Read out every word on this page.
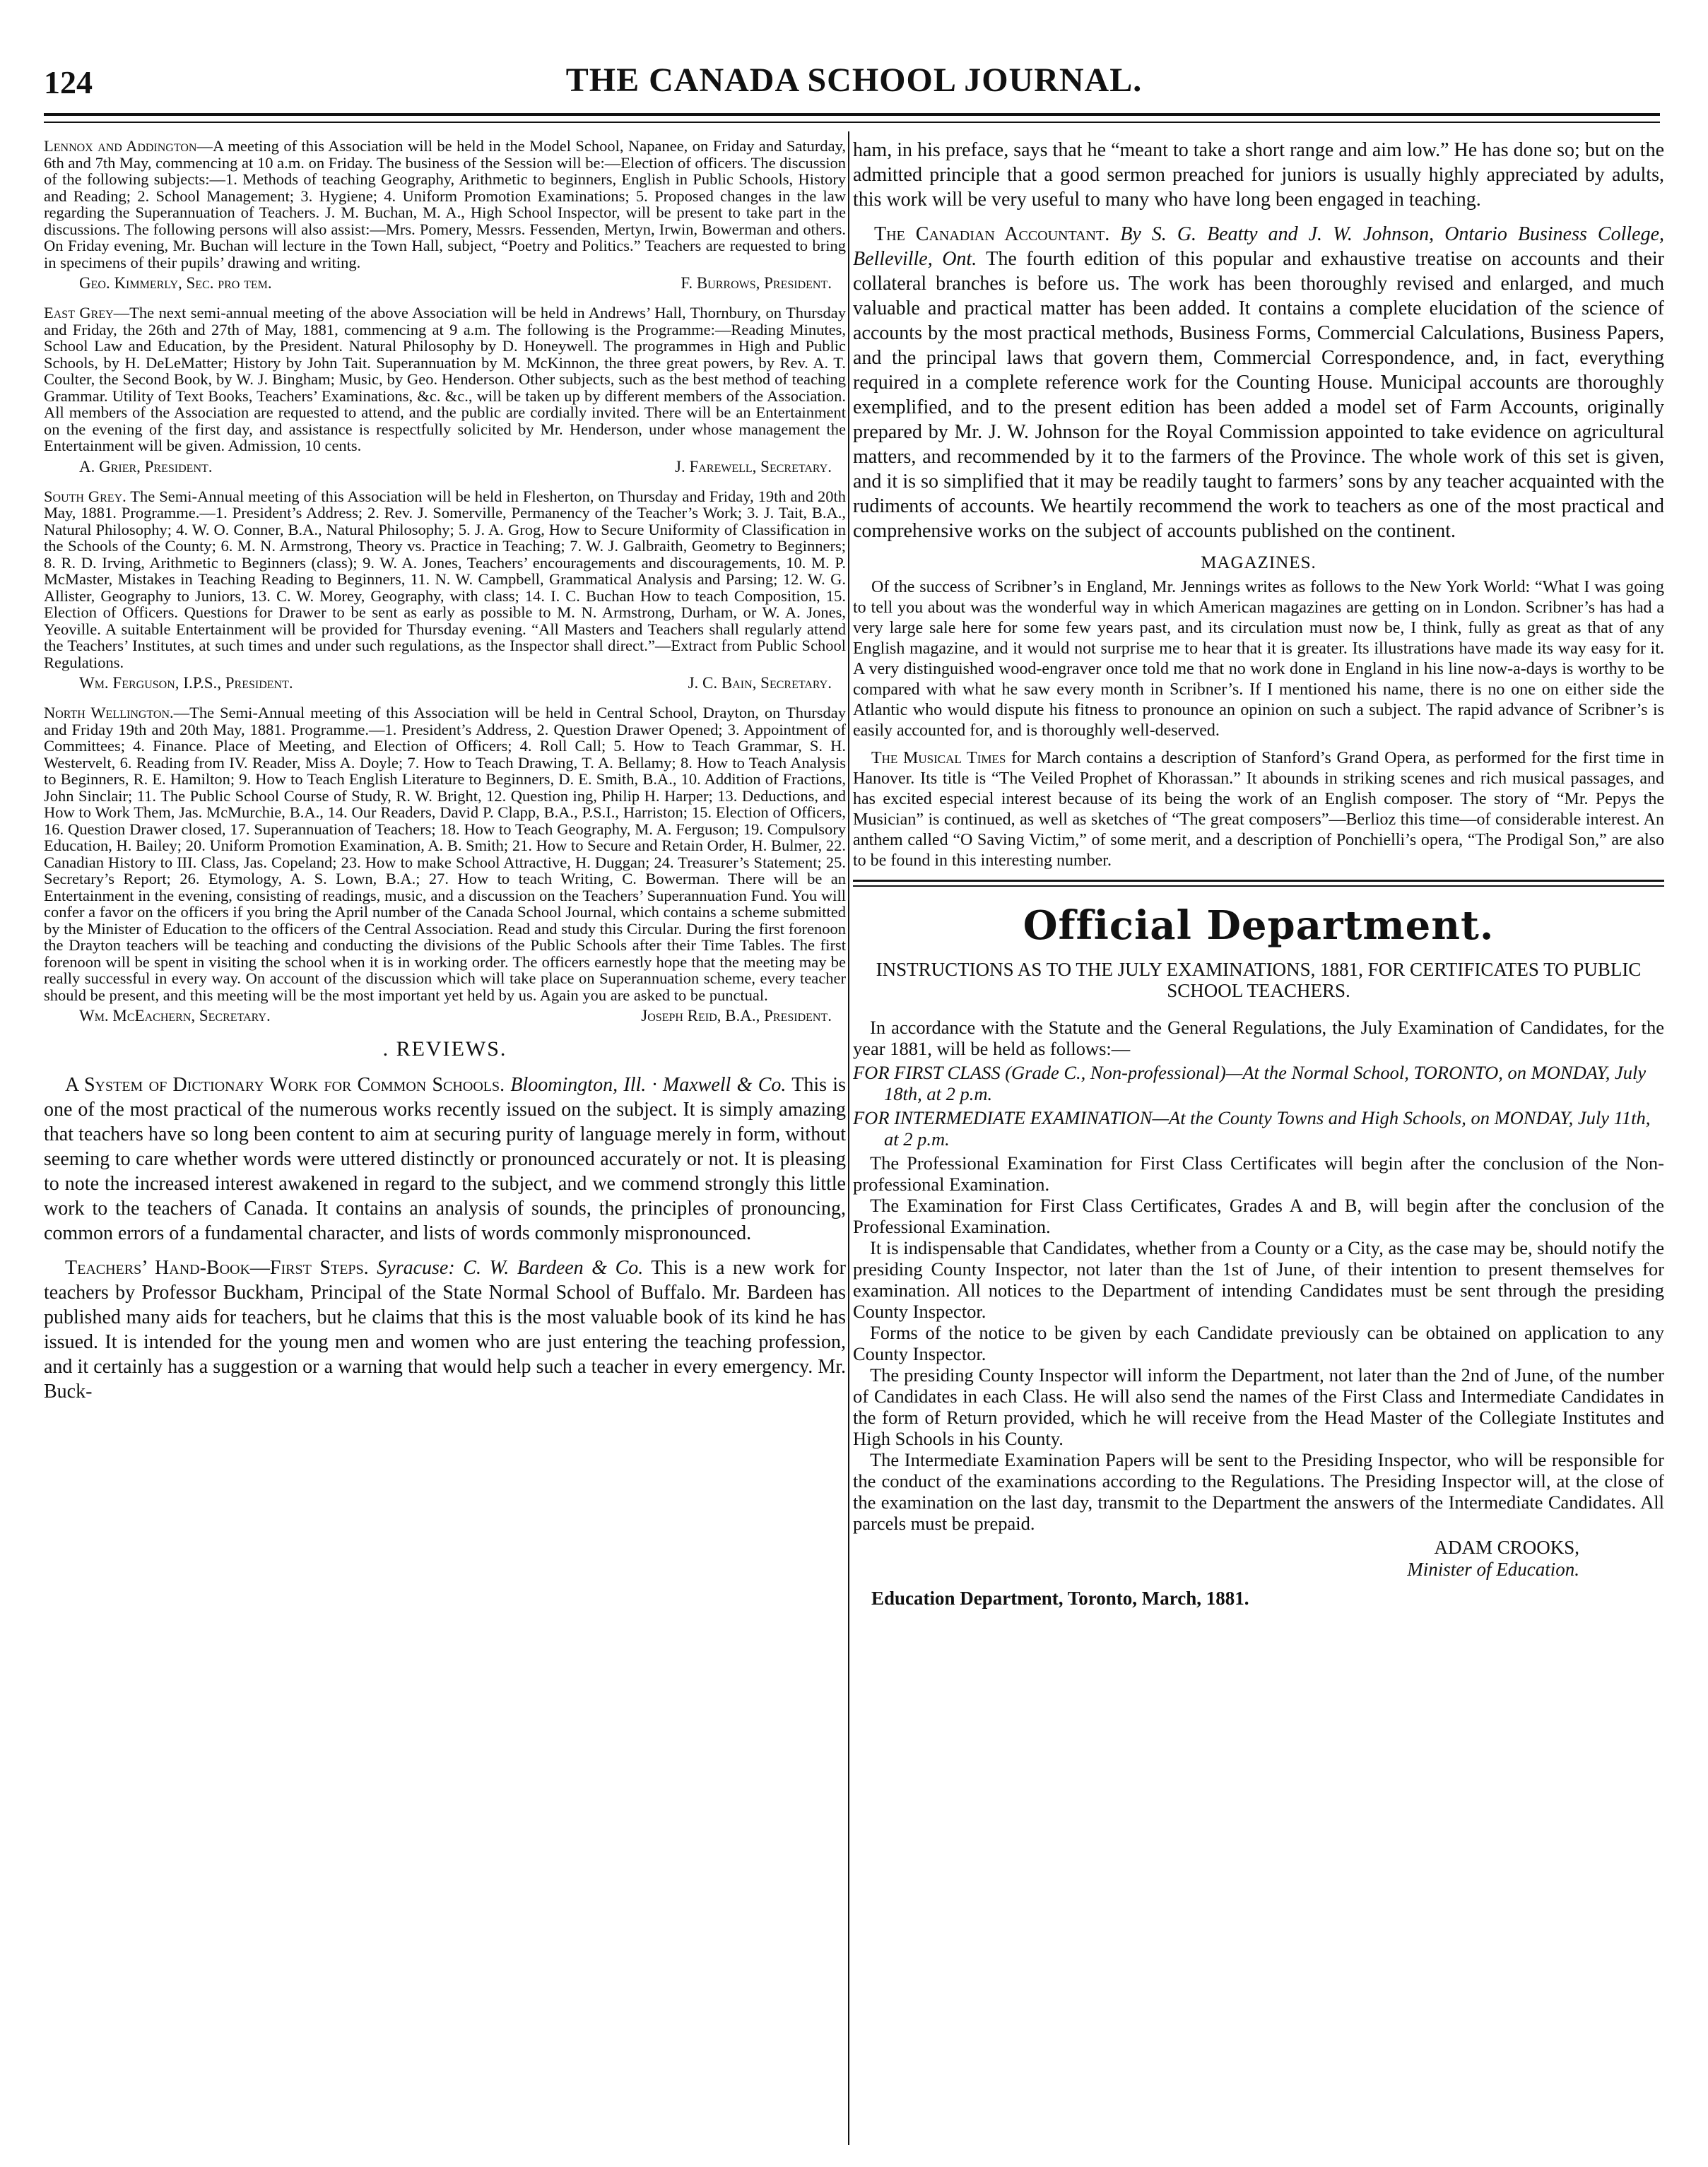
124	THE CANADA SCHOOL JOURNAL.

Lennox and Addington—A meeting of this Association will be held in the Model School, Napanee, on Friday and Saturday, 6th and 7th May, commencing at 10 a.m. on Friday. The business of the Session will be:—Election of officers. The discussion of the following subjects:—1. Methods of teaching Geography, Arithmetic to beginners, English in Public Schools, History and Reading; 2. School Management; 3. Hygiene; 4. Uniform Promotion Examinations; 5. Proposed changes in the law regarding the Superannuation of Teachers. J. M. Buchan, M. A., High School Inspector, will be present to take part in the discussions. The following persons will also assist:—Mrs. Pomery, Messrs. Fessenden, Mertyn, Irwin, Bowerman and others. On Friday evening, Mr. Buchan will lecture in the Town Hall, subject, “Poetry and Politics.” Teachers are requested to bring in specimens of their pupils’ drawing and writing.

Geo. Kimmerly, Sec. pro tem.	F. Burrows, President.

East Grey—The next semi-annual meeting of the above Association will be held in Andrews’ Hall, Thornbury, on Thursday and Friday, the 26th and 27th of May, 1881, commencing at 9 a.m. The following is the Programme:—Reading Minutes, School Law and Education, by the President. Natural Philosophy by D. Honeywell. The programmes in High and Public Schools, by H. DeLeMatter; History by John Tait. Superannuation by M. McKinnon, the three great powers, by Rev. A. T. Coulter, the Second Book, by W. J. Bingham; Music, by Geo. Henderson. Other subjects, such as the best method of teaching Grammar. Utility of Text Books, Teachers’ Examinations, &c. &c., will be taken up by different members of the Association. All members of the Association are requested to attend, and the public are cordially invited. There will be an Entertainment on the evening of the first day, and assistance is respectfully solicited by Mr. Henderson, under whose management the Entertainment will be given. Admission, 10 cents.

A. Grier, President.	J. Farewell, Secretary.

South Grey. The Semi-Annual meeting of this Association will be held in Flesherton, on Thursday and Friday, 19th and 20th May, 1881. Programme.—1. President’s Address; 2. Rev. J. Somerville, Permanency of the Teacher’s Work; 3. J. Tait, B.A., Natural Philosophy; 4. W. O. Conner, B.A., Natural Philosophy; 5. J. A. Grog, How to Secure Uniformity of Classification in the Schools of the County; 6. M. N. Armstrong, Theory vs. Practice in Teaching; 7. W. J. Galbraith, Geometry to Beginners; 8. R. D. Irving, Arithmetic to Beginners (class); 9. W. A. Jones, Teachers’ encouragements and discouragements, 10. M. P. McMaster, Mistakes in Teaching Reading to Beginners, 11. N. W. Campbell, Grammatical Analysis and Parsing; 12. W. G. Allister, Geography to Juniors, 13. C. W. Morey, Geography, with class; 14. I. C. Buchan How to teach Composition, 15. Election of Officers. Questions for Drawer to be sent as early as possible to M. N. Armstrong, Durham, or W. A. Jones, Yeoville. A suitable Entertainment will be provided for Thursday evening. “All Masters and Teachers shall regularly attend the Teachers’ Institutes, at such times and under such regulations, as the Inspector shall direct.”—Extract from Public School Regulations.

Wm. Ferguson, I.P.S., President.	J. C. Bain, Secretary.

North Wellington.—The Semi-Annual meeting of this Association will be held in Central School, Drayton, on Thursday and Friday 19th and 20th May, 1881. Programme.—1. President’s Address, 2. Question Drawer Opened; 3. Appointment of Committees; 4. Finance. Place of Meeting, and Election of Officers; 4. Roll Call; 5. How to Teach Grammar, S. H. Westervelt, 6. Reading from IV. Reader, Miss A. Doyle; 7. How to Teach Drawing, T. A. Bellamy; 8. How to Teach Analysis to Beginners, R. E. Hamilton; 9. How to Teach English Literature to Beginners, D. E. Smith, B.A., 10. Addition of Fractions, John Sinclair; 11. The Public School Course of Study, R. W. Bright, 12. Question ing, Philip H. Harper; 13. Deductions, and How to Work Them, Jas. McMurchie, B.A., 14. Our Readers, David P. Clapp, B.A., P.S.I., Harriston; 15. Election of Officers, 16. Question Drawer closed, 17. Superannuation of Teachers; 18. How to Teach Geography, M. A. Ferguson; 19. Compulsory Education, H. Bailey; 20. Uniform Promotion Examination, A. B. Smith; 21. How to Secure and Retain Order, H. Bulmer, 22. Canadian History to III. Class, Jas. Copeland; 23. How to make School Attractive, H. Duggan; 24. Treasurer’s Statement; 25. Secretary’s Report; 26. Etymology, A. S. Lown, B.A.; 27. How to teach Writing, C. Bowerman. There will be an Entertainment in the evening, consisting of readings, music, and a discussion on the Teachers’ Superannuation Fund. You will confer a favor on the officers if you bring the April number of the Canada School Journal, which contains a scheme submitted by the Minister of Education to the officers of the Central Association. Read and study this Circular. During the first forenoon the Drayton teachers will be teaching and conducting the divisions of the Public Schools after their Time Tables. The first forenoon will be spent in visiting the school when it is in working order. The officers earnestly hope that the meeting may be really successful in every way. On account of the discussion which will take place on Superannuation scheme, every teacher should be present, and this meeting will be the most important yet held by us. Again you are asked to be punctual.

Wm. McEachern, Secretary.	Joseph Reid, B.A., President.
. REVIEWS.

A System of Dictionary Work for Common Schools. Bloomington, Ill. · Maxwell & Co. This is one of the most practical of the numerous works recently issued on the subject. It is simply amazing that teachers have so long been content to aim at securing purity of language merely in form, without seeming to care whether words were uttered distinctly or pronounced accurately or not. It is pleasing to note the increased interest awakened in regard to the subject, and we commend strongly this little work to the teachers of Canada. It contains an analysis of sounds, the principles of pronouncing, common errors of a fundamental character, and lists of words commonly mispronounced.

Teachers’ Hand-Book—First Steps. Syracuse: C. W. Bardeen & Co. This is a new work for teachers by Professor Buckham, Principal of the State Normal School of Buffalo. Mr. Bardeen has published many aids for teachers, but he claims that this is the most valuable book of its kind he has issued. It is intended for the young men and women who are just entering the teaching profession, and it certainly has a suggestion or a warning that would help such a teacher in every emergency. Mr. Buck-

ham, in his preface, says that he “meant to take a short range and aim low.” He has done so; but on the admitted principle that a good sermon preached for juniors is usually highly appreciated by adults, this work will be very useful to many who have long been engaged in teaching.

The Canadian Accountant. By S. G. Beatty and J. W. Johnson, Ontario Business College, Belleville, Ont. The fourth edition of this popular and exhaustive treatise on accounts and their collateral branches is before us. The work has been thoroughly revised and enlarged, and much valuable and practical matter has been added. It contains a complete elucidation of the science of accounts by the most practical methods, Business Forms, Commercial Calculations, Business Papers, and the principal laws that govern them, Commercial Correspondence, and, in fact, everything required in a complete reference work for the Counting House. Municipal accounts are thoroughly exemplified, and to the present edition has been added a model set of Farm Accounts, originally prepared by Mr. J. W. Johnson for the Royal Commission appointed to take evidence on agricultural matters, and recommended by it to the farmers of the Province. The whole work of this set is given, and it is so simplified that it may be readily taught to farmers’ sons by any teacher acquainted with the rudiments of accounts. We heartily recommend the work to teachers as one of the most practical and comprehensive works on the subject of accounts published on the continent.

MAGAZINES.

Of the success of Scribner’s in England, Mr. Jennings writes as follows to the New York World: “What I was going to tell you about was the wonderful way in which American magazines are getting on in London. Scribner’s has had a very large sale here for some few years past, and its circulation must now be, I think, fully as great as that of any English magazine, and it would not surprise me to hear that it is greater. Its illustrations have made its way easy for it. A very distinguished wood-engraver once told me that no work done in England in his line now-a-days is worthy to be compared with what he saw every month in Scribner’s. If I mentioned his name, there is no one on either side the Atlantic who would dispute his fitness to pronounce an opinion on such a subject. The rapid advance of Scribner’s is easily accounted for, and is thoroughly well-deserved.

The Musical Times for March contains a description of Stanford’s Grand Opera, as performed for the first time in Hanover. Its title is “The Veiled Prophet of Khorassan.” It abounds in striking scenes and rich musical passages, and has excited especial interest because of its being the work of an English composer. The story of “Mr. Pepys the Musician” is continued, as well as sketches of “The great composers”—Berlioz this time—of considerable interest. An anthem called “O Saving Victim,” of some merit, and a description of Ponchielli’s opera, “The Prodigal Son,” are also to be found in this interesting number.

Official Department.
INSTRUCTIONS AS TO THE JULY EXAMINATIONS, 1881, FOR CERTIFICATES TO PUBLIC SCHOOL TEACHERS.

In accordance with the Statute and the General Regulations, the July Examination of Candidates, for the year 1881, will be held as follows:—

FOR FIRST CLASS (Grade C., Non-professional)—At the Normal School, TORONTO, on MONDAY, July 18th, at 2 p.m.

FOR INTERMEDIATE EXAMINATION—At the County Towns and High Schools, on MONDAY, July 11th, at 2 p.m.

The Professional Examination for First Class Certificates will begin after the conclusion of the Non-professional Examination.

The Examination for First Class Certificates, Grades A and B, will begin after the conclusion of the Professional Examination.

It is indispensable that Candidates, whether from a County or a City, as the case may be, should notify the presiding County Inspector, not later than the 1st of June, of their intention to present themselves for examination. All notices to the Department of intending Candidates must be sent through the presiding County Inspector.

Forms of the notice to be given by each Candidate previously can be obtained on application to any County Inspector.

The presiding County Inspector will inform the Department, not later than the 2nd of June, of the number of Candidates in each Class. He will also send the names of the First Class and Intermediate Candidates in the form of Return provided, which he will receive from the Head Master of the Collegiate Institutes and High Schools in his County.

The Intermediate Examination Papers will be sent to the Presiding Inspector, who will be responsible for the conduct of the examinations according to the Regulations. The Presiding Inspector will, at the close of the examination on the last day, transmit to the Department the answers of the Intermediate Candidates. All parcels must be prepaid.

ADAM CROOKS,
Minister of Education.
Education Department, Toronto, March, 1881.
